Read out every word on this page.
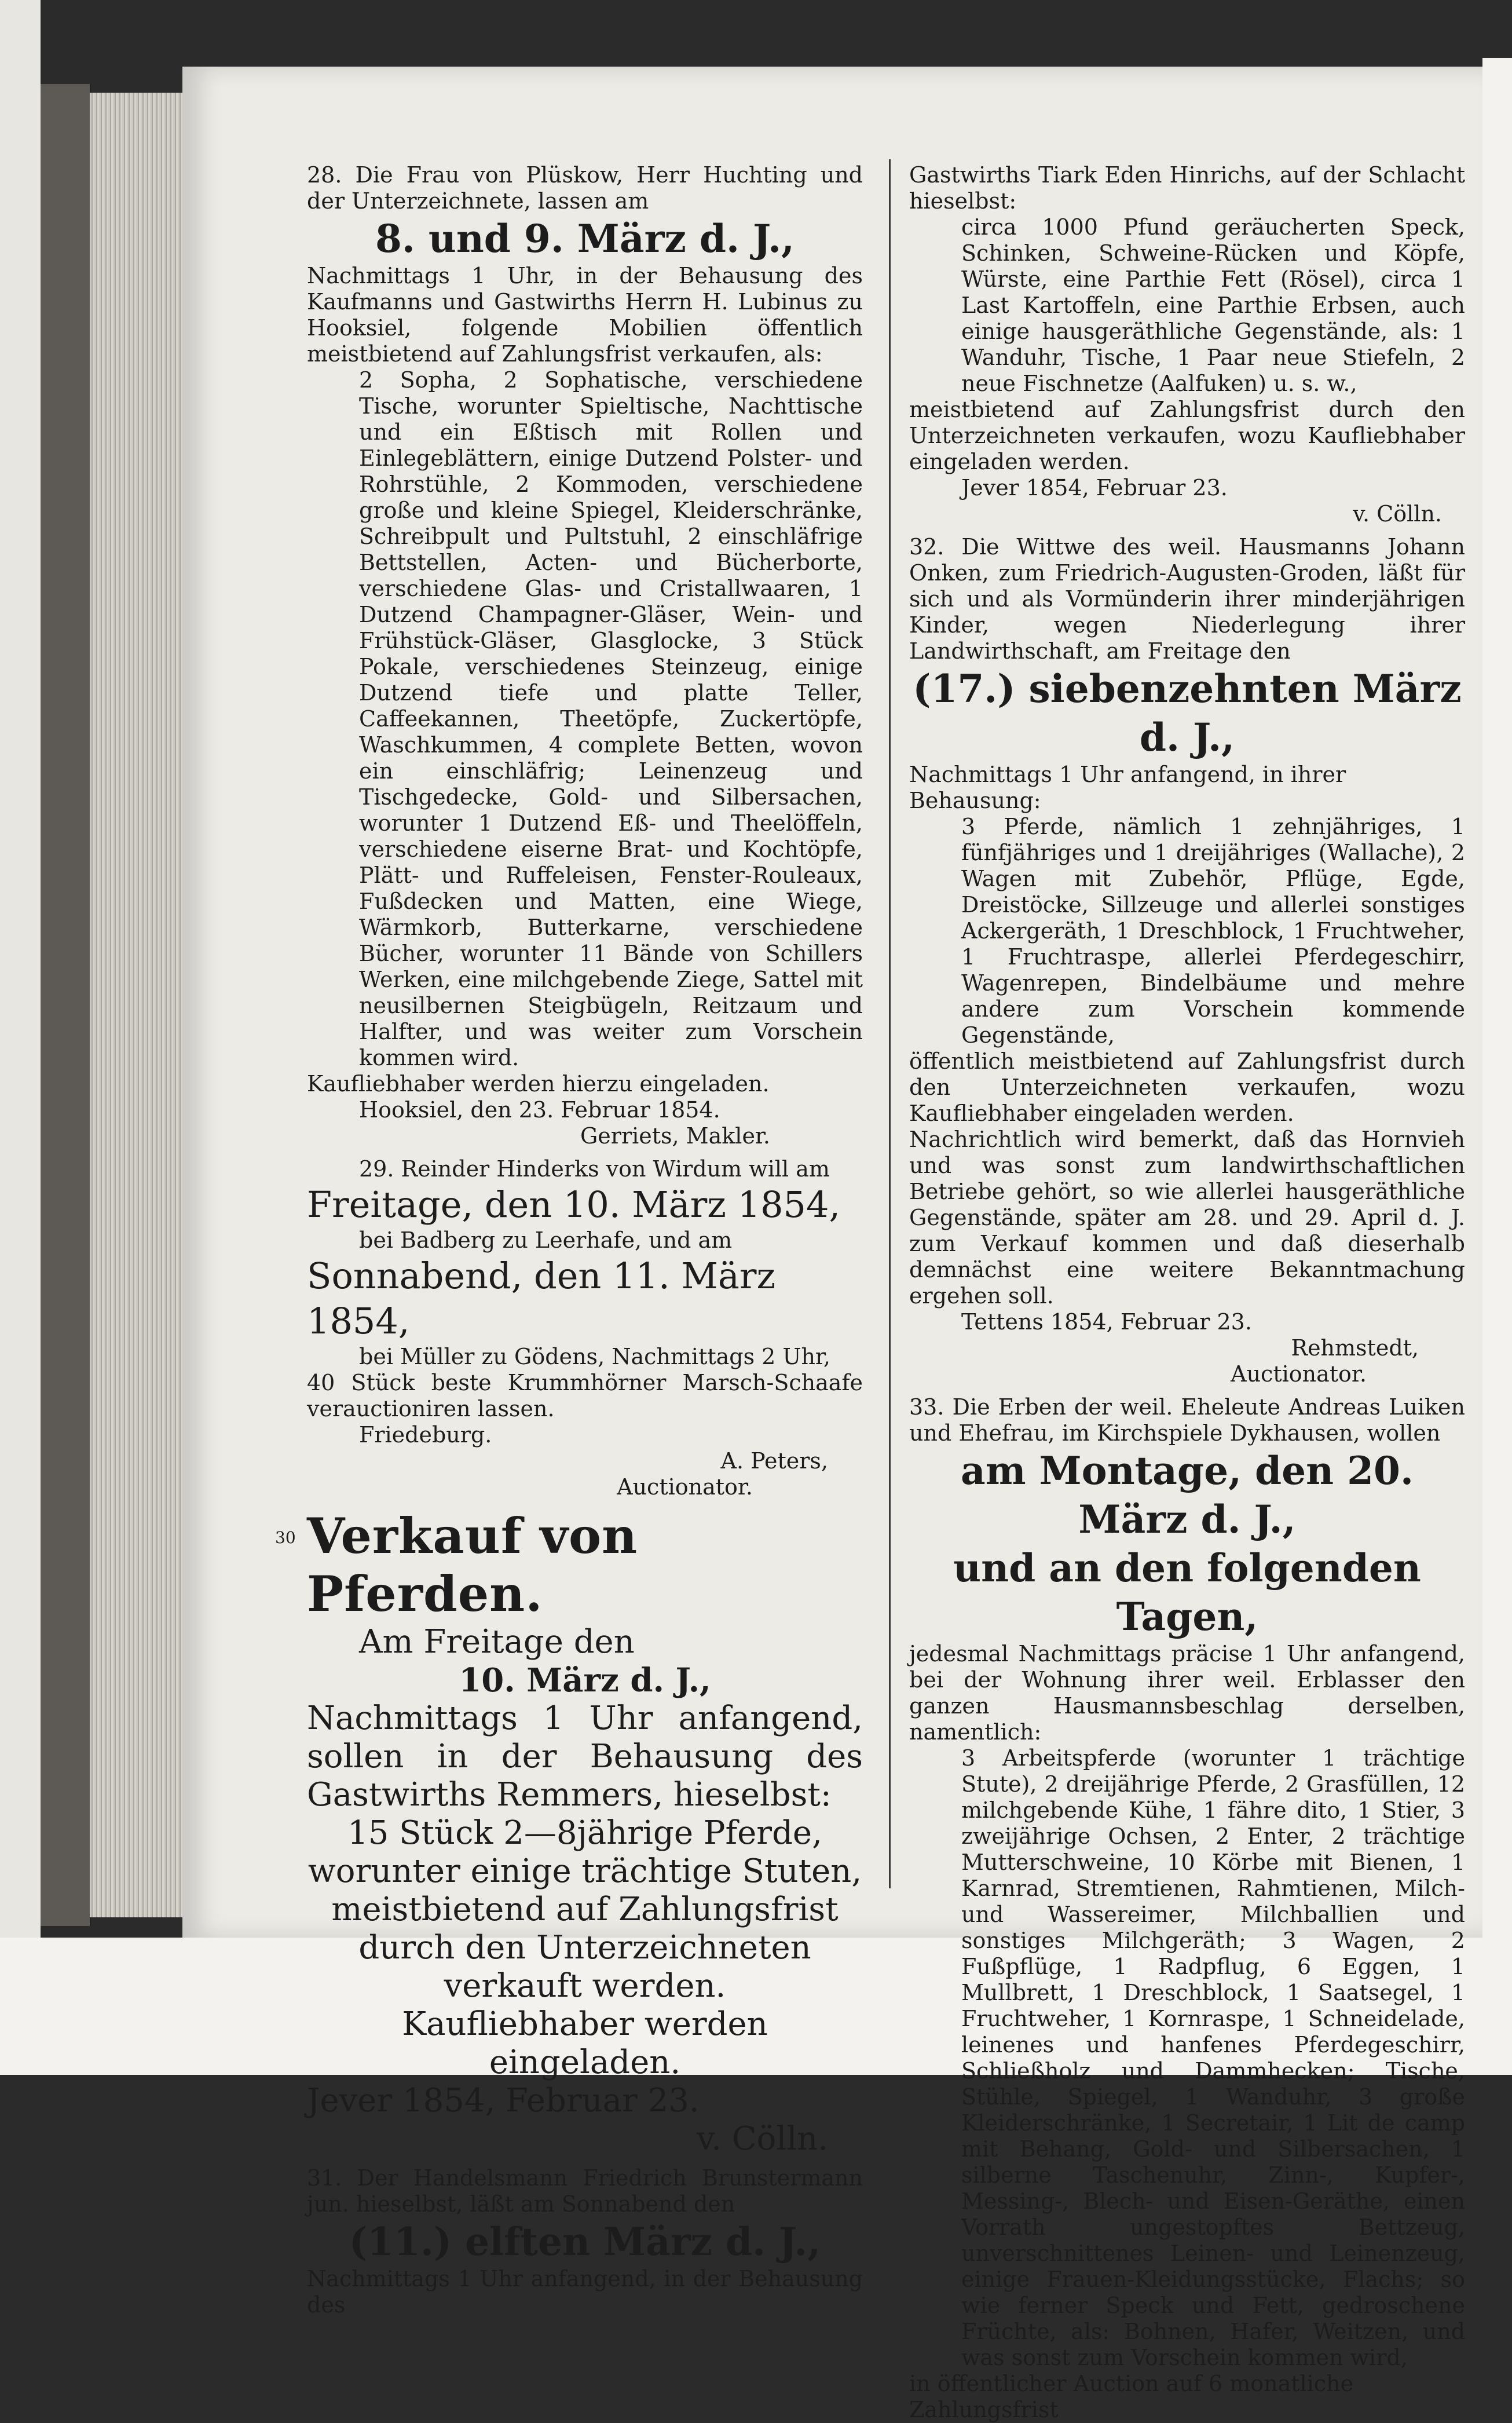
28. Die Frau von Plüskow, Herr Huchting und der Unterzeichnete, lassen am

8. und 9. März d. J.,

Nachmittags 1 Uhr, in der Behausung des Kaufmanns und Gastwirths Herrn H. Lubinus zu Hooksiel, folgende Mobilien öffentlich meistbietend auf Zahlungsfrist verkaufen, als:

2 Sopha, 2 Sophatische, verschiedene Tische, worunter Spieltische, Nachttische und ein Eßtisch mit Rollen und Einlegeblättern, einige Dutzend Polster- und Rohrstühle, 2 Kommoden, verschiedene große und kleine Spiegel, Kleiderschränke, Schreibpult und Pultstuhl, 2 einschläfrige Bettstellen, Acten- und Bücherborte, verschiedene Glas- und Cristallwaaren, 1 Dutzend Champagner-Gläser, Wein- und Frühstück-Gläser, Glasglocke, 3 Stück Pokale, verschiedenes Steinzeug, einige Dutzend tiefe und platte Teller, Caffeekannen, Theetöpfe, Zuckertöpfe, Waschkummen, 4 complete Betten, wovon ein einschläfrig; Leinenzeug und Tischgedecke, Gold- und Silbersachen, worunter 1 Dutzend Eß- und Theelöffeln, verschiedene eiserne Brat- und Kochtöpfe, Plätt- und Ruffeleisen, Fenster-Rouleaux, Fußdecken und Matten, eine Wiege, Wärmkorb, Butterkarne, verschiedene Bücher, worunter 11 Bände von Schillers Werken, eine milchgebende Ziege, Sattel mit neusilbernen Steigbügeln, Reitzaum und Halfter, und was weiter zum Vorschein kommen wird.

Kaufliebhaber werden hierzu eingeladen.

Hooksiel, den 23. Februar 1854.

Gerriets, Makler.

29. Reinder Hinderks von Wirdum will am

Freitage, den 10. März 1854,

bei Badberg zu Leerhafe, und am

Sonnabend, den 11. März 1854,

bei Müller zu Gödens, Nachmittags 2 Uhr,

40 Stück beste Krummhörner Marsch-Schaafe verauctioniren lassen.

Friedeburg.

A. Peters,

Auctionator.

30 Verkauf von Pferden.

Am Freitage den

10. März d. J.,

Nachmittags 1 Uhr anfangend, sollen in der Behausung des Gastwirths Remmers, hieselbst:

15 Stück 2—8jährige Pferde, worunter einige trächtige Stuten, meistbietend auf Zahlungsfrist durch den Unterzeichneten verkauft werden.

Kaufliebhaber werden eingeladen.

Jever 1854, Februar 23.

v. Cölln.

31. Der Handelsmann Friedrich Brunstermann jun. hieselbst, läßt am Sonnabend den

(11.) elften März d. J.,

Nachmittags 1 Uhr anfangend, in der Behausung des

Gastwirths Tiark Eden Hinrichs, auf der Schlacht hieselbst:

circa 1000 Pfund geräucherten Speck, Schinken, Schweine-Rücken und Köpfe, Würste, eine Parthie Fett (Rösel), circa 1 Last Kartoffeln, eine Parthie Erbsen, auch einige hausgeräthliche Gegenstände, als: 1 Wanduhr, Tische, 1 Paar neue Stiefeln, 2 neue Fischnetze (Aalfuken) u. s. w.,

meistbietend auf Zahlungsfrist durch den Unterzeichneten verkaufen, wozu Kaufliebhaber eingeladen werden.

Jever 1854, Februar 23.

v. Cölln.

32. Die Wittwe des weil. Hausmanns Johann Onken, zum Friedrich-Augusten-Groden, läßt für sich und als Vormünderin ihrer minderjährigen Kinder, wegen Niederlegung ihrer Landwirthschaft, am Freitage den

(17.) siebenzehnten März d. J.,

Nachmittags 1 Uhr anfangend, in ihrer Behausung:

3 Pferde, nämlich 1 zehnjähriges, 1 fünfjähriges und 1 dreijähriges (Wallache), 2 Wagen mit Zubehör, Pflüge, Egde, Dreistöcke, Sillzeuge und allerlei sonstiges Ackergeräth, 1 Dreschblock, 1 Fruchtweher, 1 Fruchtraspe, allerlei Pferdegeschirr, Wagenrepen, Bindelbäume und mehre andere zum Vorschein kommende Gegenstände,

öffentlich meistbietend auf Zahlungsfrist durch den Unterzeichneten verkaufen, wozu Kaufliebhaber eingeladen werden.

Nachrichtlich wird bemerkt, daß das Hornvieh und was sonst zum landwirthschaftlichen Betriebe gehört, so wie allerlei hausgeräthliche Gegenstände, später am 28. und 29. April d. J. zum Verkauf kommen und daß dieserhalb demnächst eine weitere Bekanntmachung ergehen soll.

Tettens 1854, Februar 23.

Rehmstedt,

Auctionator.

33. Die Erben der weil. Eheleute Andreas Luiken und Ehefrau, im Kirchspiele Dykhausen, wollen

am Montage, den 20. März d. J.,

und an den folgenden Tagen,

jedesmal Nachmittags präcise 1 Uhr anfangend, bei der Wohnung ihrer weil. Erblasser den ganzen Hausmannsbeschlag derselben, namentlich:

3 Arbeitspferde (worunter 1 trächtige Stute), 2 dreijährige Pferde, 2 Grasfüllen, 12 milchgebende Kühe, 1 fähre dito, 1 Stier, 3 zweijährige Ochsen, 2 Enter, 2 trächtige Mutterschweine, 10 Körbe mit Bienen, 1 Karnrad, Stremtienen, Rahmtienen, Milch- und Wassereimer, Milchballien und sonstiges Milchgeräth; 3 Wagen, 2 Fußpflüge, 1 Radpflug, 6 Eggen, 1 Mullbrett, 1 Dreschblock, 1 Saatsegel, 1 Fruchtweher, 1 Kornraspe, 1 Schneidelade, leinenes und hanfenes Pferdegeschirr, Schließholz und Dammhecken; Tische, Stühle, Spiegel, 1 Wanduhr, 3 große Kleiderschränke, 1 Secretair, 1 Lit de camp mit Behang, Gold- und Silbersachen, 1 silberne Taschenuhr, Zinn-, Kupfer-, Messing-, Blech- und Eisen-Geräthe, einen Vorrath ungestopftes Bettzeug, unverschnittenes Leinen- und Leinenzeug, einige Frauen-Kleidungsstücke, Flachs; so wie ferner Speck und Fett, gedroschene Früchte, als: Bohnen, Hafer, Weitzen, und was sonst zum Vorschein kommen wird,

in öffentlicher Auction auf 6 monatliche Zahlungsfrist
